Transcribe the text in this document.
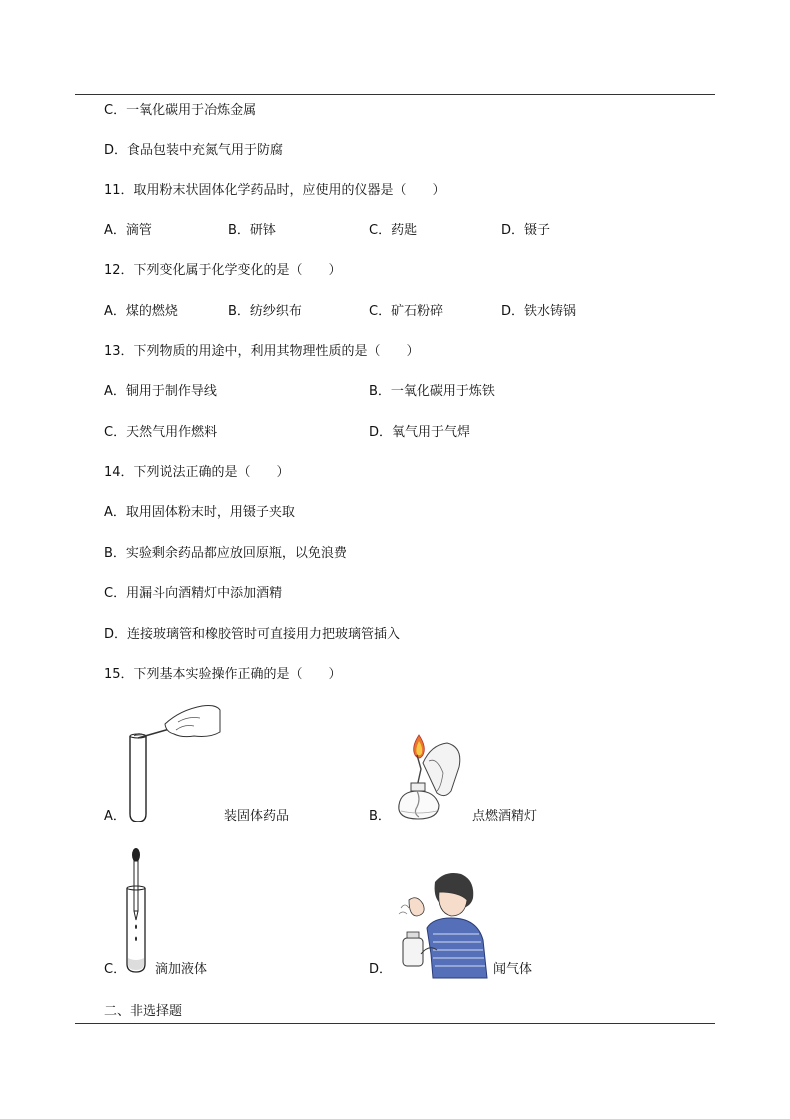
C．一氧化碳用于冶炼金属
D．食品包装中充氮气用于防腐
11．取用粉末状固体化学药品时，应使用的仪器是（　　）
A．滴管	B．研钵	C．药匙	D．镊子
12．下列变化属于化学变化的是（　　）
A．煤的燃烧	B．纺纱织布	C．矿石粉碎	D．铁水铸锅
13．下列物质的用途中，利用其物理性质的是（　　）
A．铜用于制作导线	B．一氧化碳用于炼铁
C．天然气用作燃料	D．氧气用于气焊
14．下列说法正确的是（　　）
A．取用固体粉末时，用镊子夹取
B．实验剩余药品都应放回原瓶，以免浪费
C．用漏斗向酒精灯中添加酒精
D．连接玻璃管和橡胶管时可直接用力把玻璃管插入
15．下列基本实验操作正确的是（　　）
A．	装固体药品	B．	点燃酒精灯
C． 滴加液体	D．	闻气体
二、非选择题
